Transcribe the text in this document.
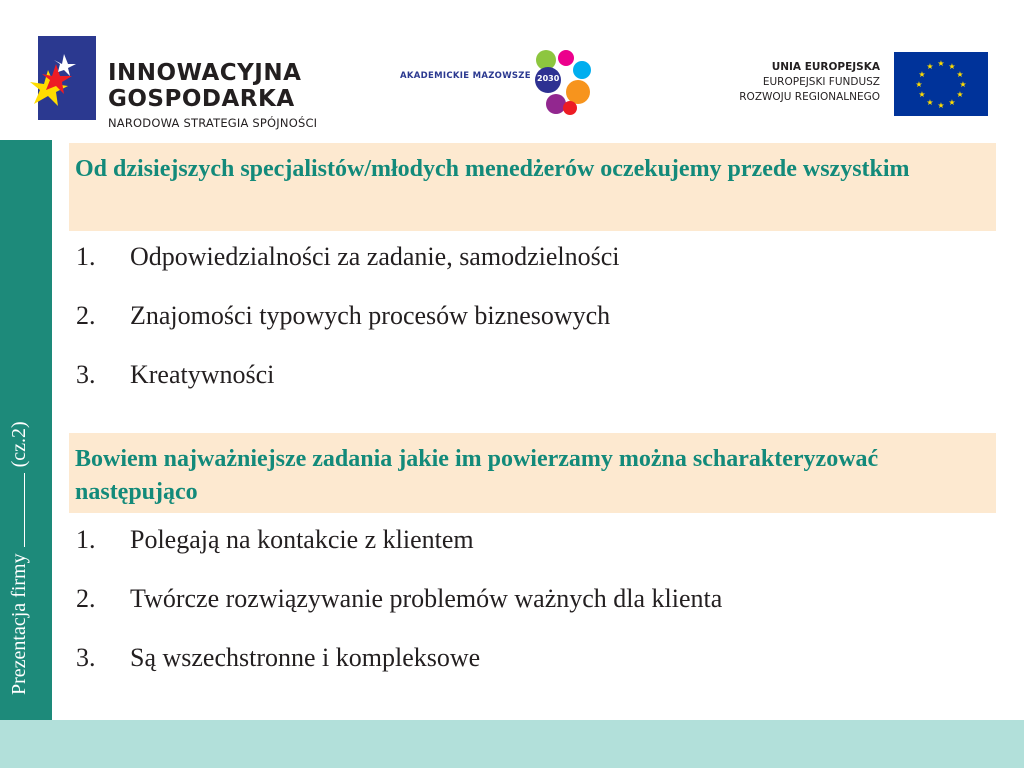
INNOWACYJNA
GOSPODARKA
NARODOWA STRATEGIA SPÓJNOŚCI
AKADEMICKIE MAZOWSZE 2030
UNIA EUROPEJSKA
EUROPEJSKI FUNDUSZ
ROZWOJU REGIONALNEGO
★ ★
★
★
★
★
★
★
★
★
★
★
Prezentacja firmy(cz.2)
Od dzisiejszych specjalistów/młodych menedżerów oczekujemy przede wszystkim
1. Odpowiedzialności za zadanie, samodzielności
2. Znajomości typowych procesów biznesowych
3. Kreatywności
Bowiem najważniejsze zadania jakie im powierzamy można scharakteryzować następująco
1. Polegają na kontakcie z klientem
2. Twórcze rozwiązywanie problemów ważnych dla klienta
3. Są wszechstronne i kompleksowe
